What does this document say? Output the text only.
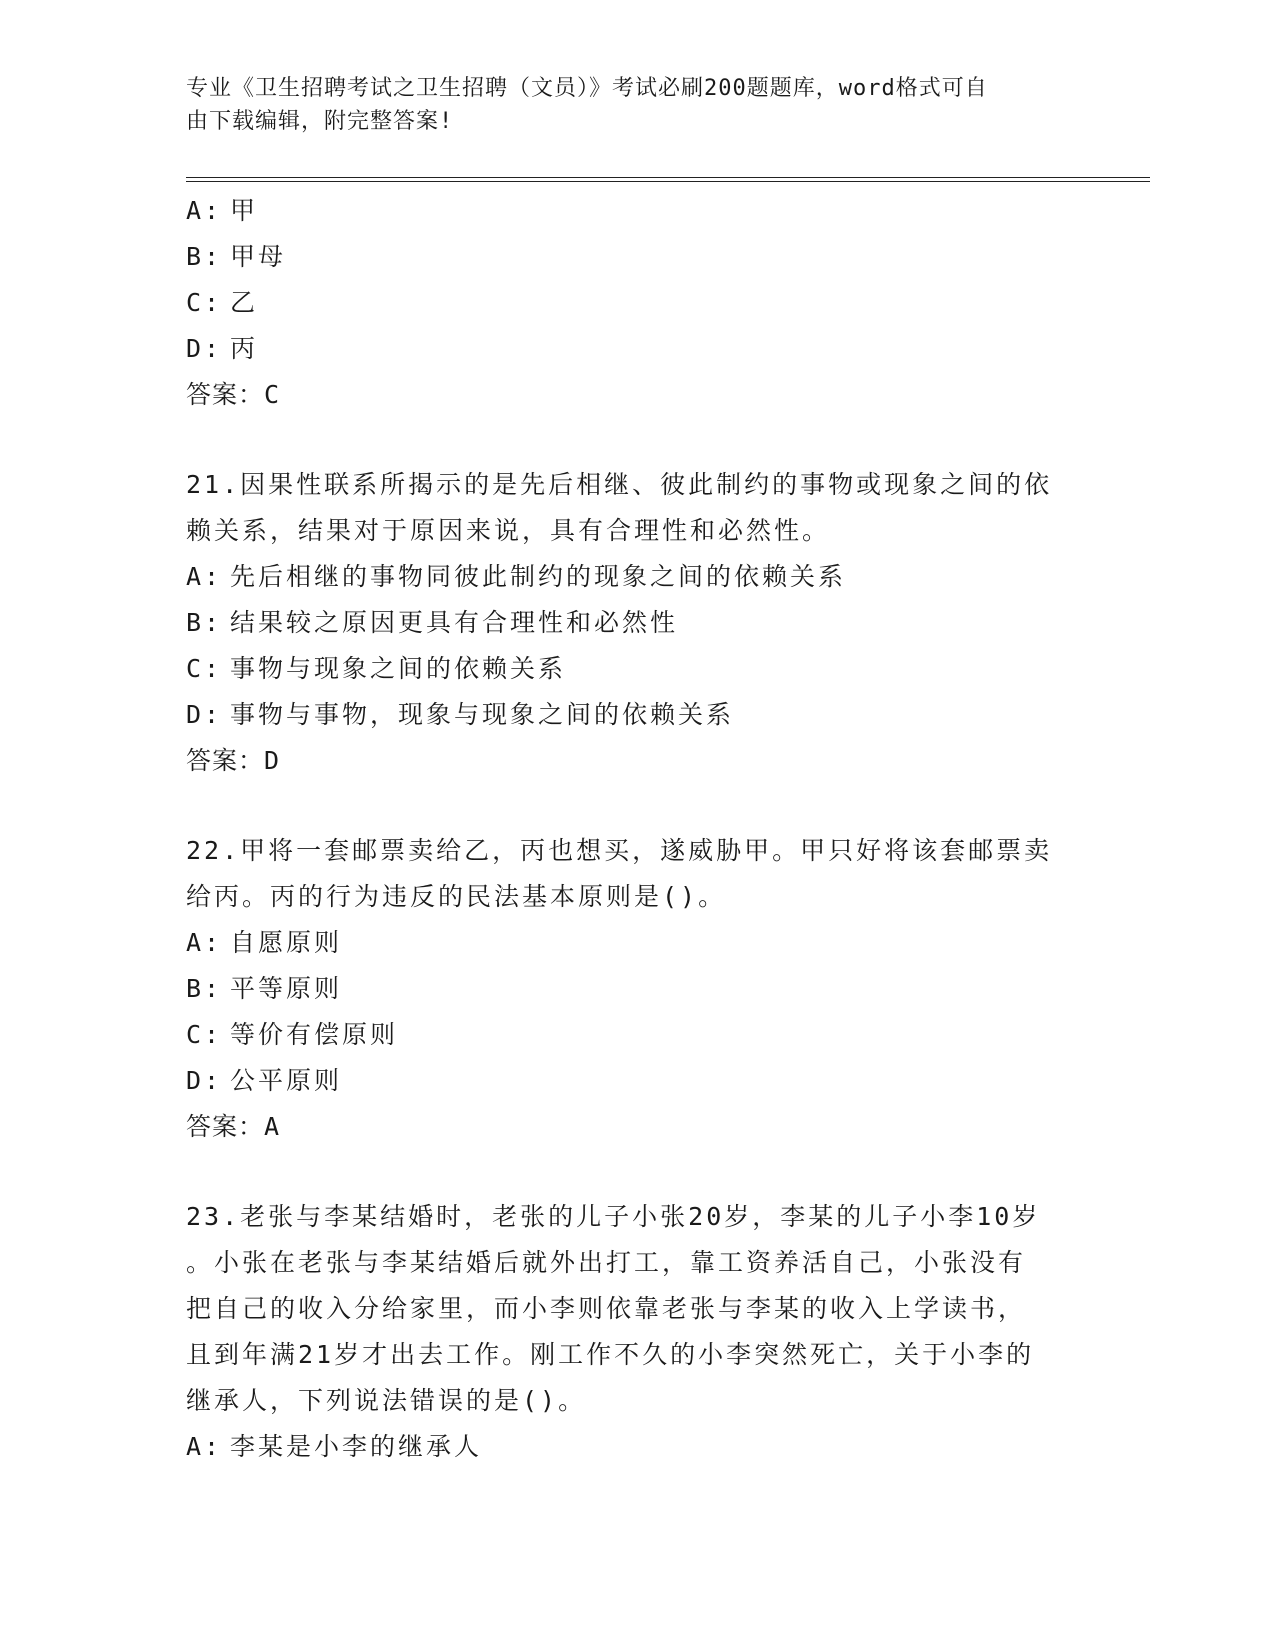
专业《卫生招聘考试之卫生招聘（文员）》考试必刷200题题库，word格式可自
由下载编辑，附完整答案!
A: 甲
B: 甲母
C: 乙
D: 丙
答案：C
21.因果性联系所揭示的是先后相继、彼此制约的事物或现象之间的依
赖关系，结果对于原因来说，具有合理性和必然性。
A: 先后相继的事物同彼此制约的现象之间的依赖关系
B: 结果较之原因更具有合理性和必然性
C: 事物与现象之间的依赖关系
D: 事物与事物，现象与现象之间的依赖关系
答案：D
22.甲将一套邮票卖给乙，丙也想买，遂威胁甲。甲只好将该套邮票卖
给丙。丙的行为违反的民法基本原则是()。
A: 自愿原则
B: 平等原则
C: 等价有偿原则
D: 公平原则
答案：A
23.老张与李某结婚时，老张的儿子小张20岁，李某的儿子小李10岁
。小张在老张与李某结婚后就外出打工，靠工资养活自己，小张没有
把自己的收入分给家里，而小李则依靠老张与李某的收入上学读书，
且到年满21岁才出去工作。刚工作不久的小李突然死亡，关于小李的
继承人，下列说法错误的是()。
A: 李某是小李的继承人
